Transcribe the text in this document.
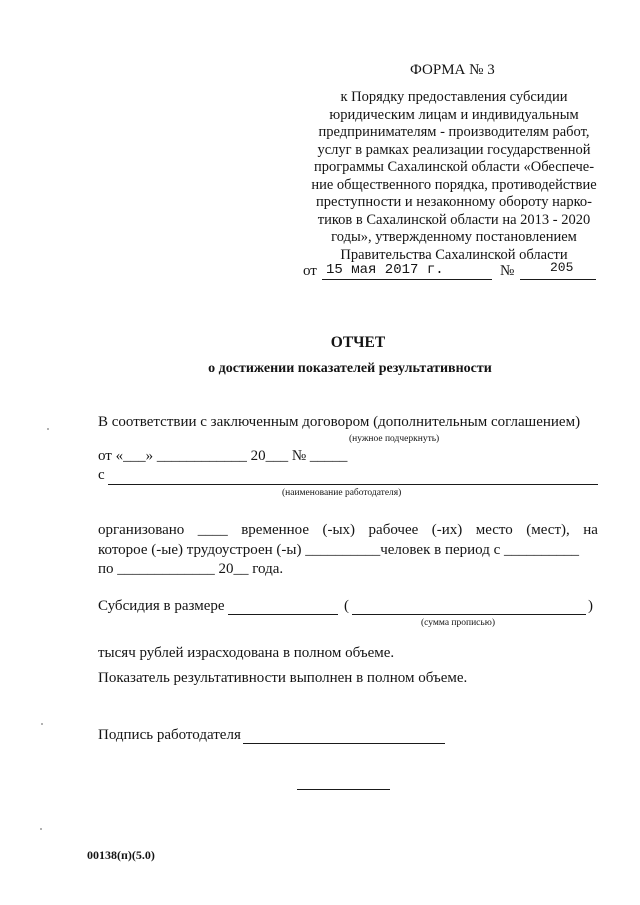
ФОРМА № 3
к Порядку предоставления субсидии
юридическим лицам и индивидуальным
предпринимателям - производителям работ,
услуг в рамках реализации государственной
программы Сахалинской области «Обеспече-
ние общественного порядка, противодействие
преступности и незаконному обороту нарко-
тиков в Сахалинской области на 2013 - 2020
годы», утвержденному постановлением
Правительства Сахалинской области
от 15 мая 2017 г.	№	205
ОТЧЕТ
о достижении показателей результативности
В соответствии с заключенным договором (дополнительным соглашением)
(нужное подчеркнуть)
от «___» ____________ 20___ № _____
с
(наименование работодателя)
организовано ____ временное (-ых) рабочее (-их) место (мест), на
которое (-ые) трудоустроен (-ы) __________человек в период с __________
по _____________ 20__ года.
Субсидия в размере	(	)
(сумма прописью)
тысяч рублей израсходована в полном объеме.
Показатель результативности выполнен в полном объеме.
Подпись работодателя
00138(п)(5.0)
